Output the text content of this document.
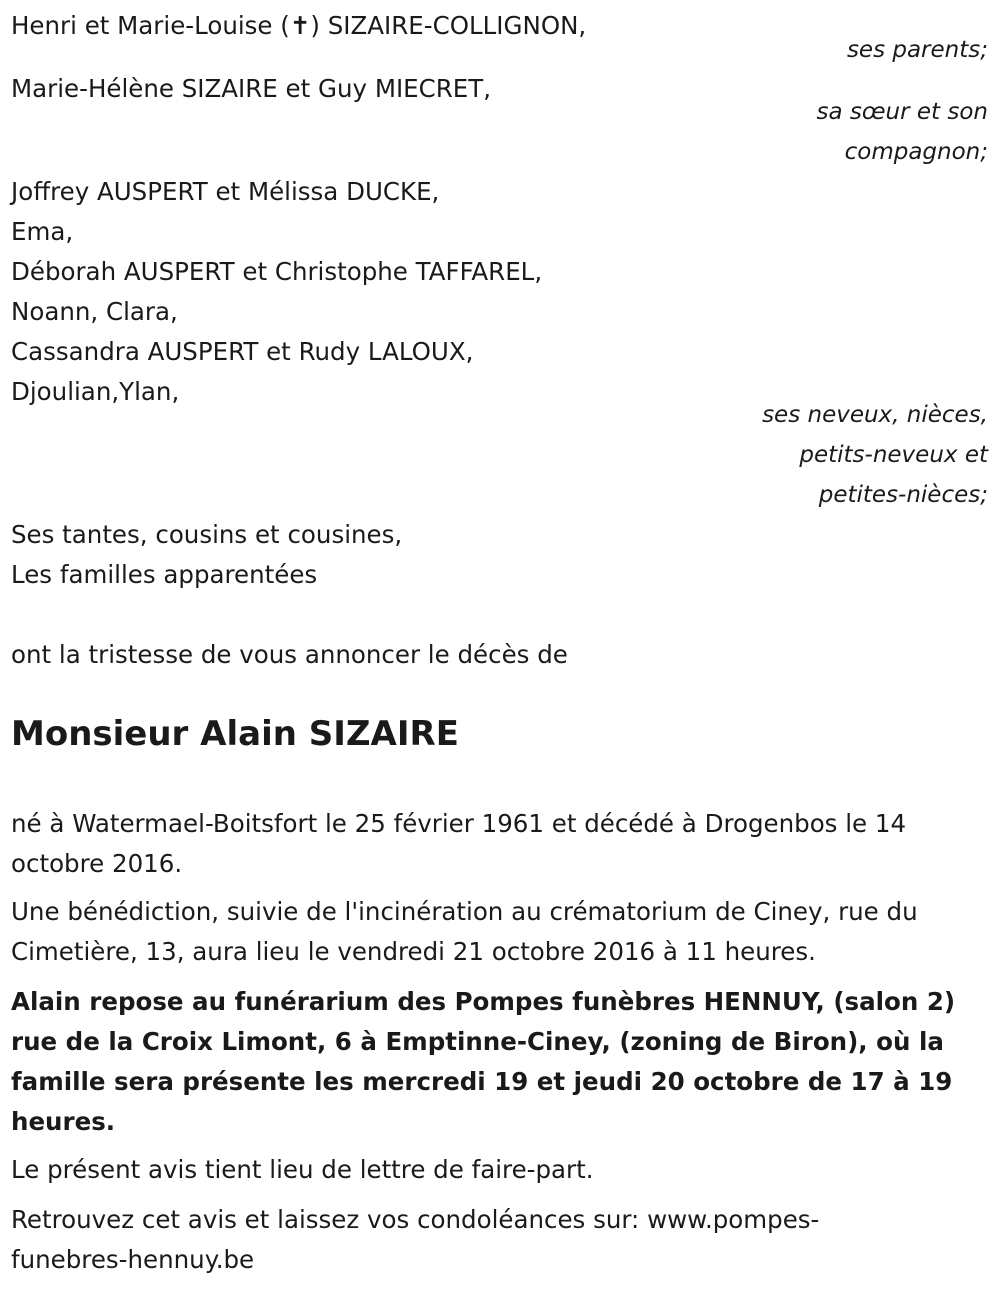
Henri et Marie-Louise (✝) SIZAIRE-COLLIGNON,
ses parents;
Marie-Hélène SIZAIRE et Guy MIECRET,
sa sœur et son
compagnon;
Joffrey AUSPERT et Mélissa DUCKE,
Ema,
Déborah AUSPERT et Christophe TAFFAREL,
Noann, Clara,
Cassandra AUSPERT et Rudy LALOUX,
Djoulian,Ylan,
ses neveux, nièces,
petits-neveux et
petites-nièces;
Ses tantes, cousins et cousines,
Les familles apparentées
ont la tristesse de vous annoncer le décès de
Monsieur Alain SIZAIRE
né à Watermael-Boitsfort le 25 février 1961 et décédé à Drogenbos le 14 octobre 2016.
Une bénédiction, suivie de l'incinération au crématorium de Ciney, rue du Cimetière, 13, aura lieu le vendredi 21 octobre 2016 à 11 heures.
Alain repose au funérarium des Pompes funèbres HENNUY, (salon 2) rue de la Croix Limont, 6 à Emptinne-Ciney, (zoning de Biron), où la famille sera présente les mercredi 19 et jeudi 20 octobre de 17 à 19 heures.
Le présent avis tient lieu de lettre de faire-part.
Retrouvez cet avis et laissez vos condoléances sur: www.pompes-funebres-hennuy.be
